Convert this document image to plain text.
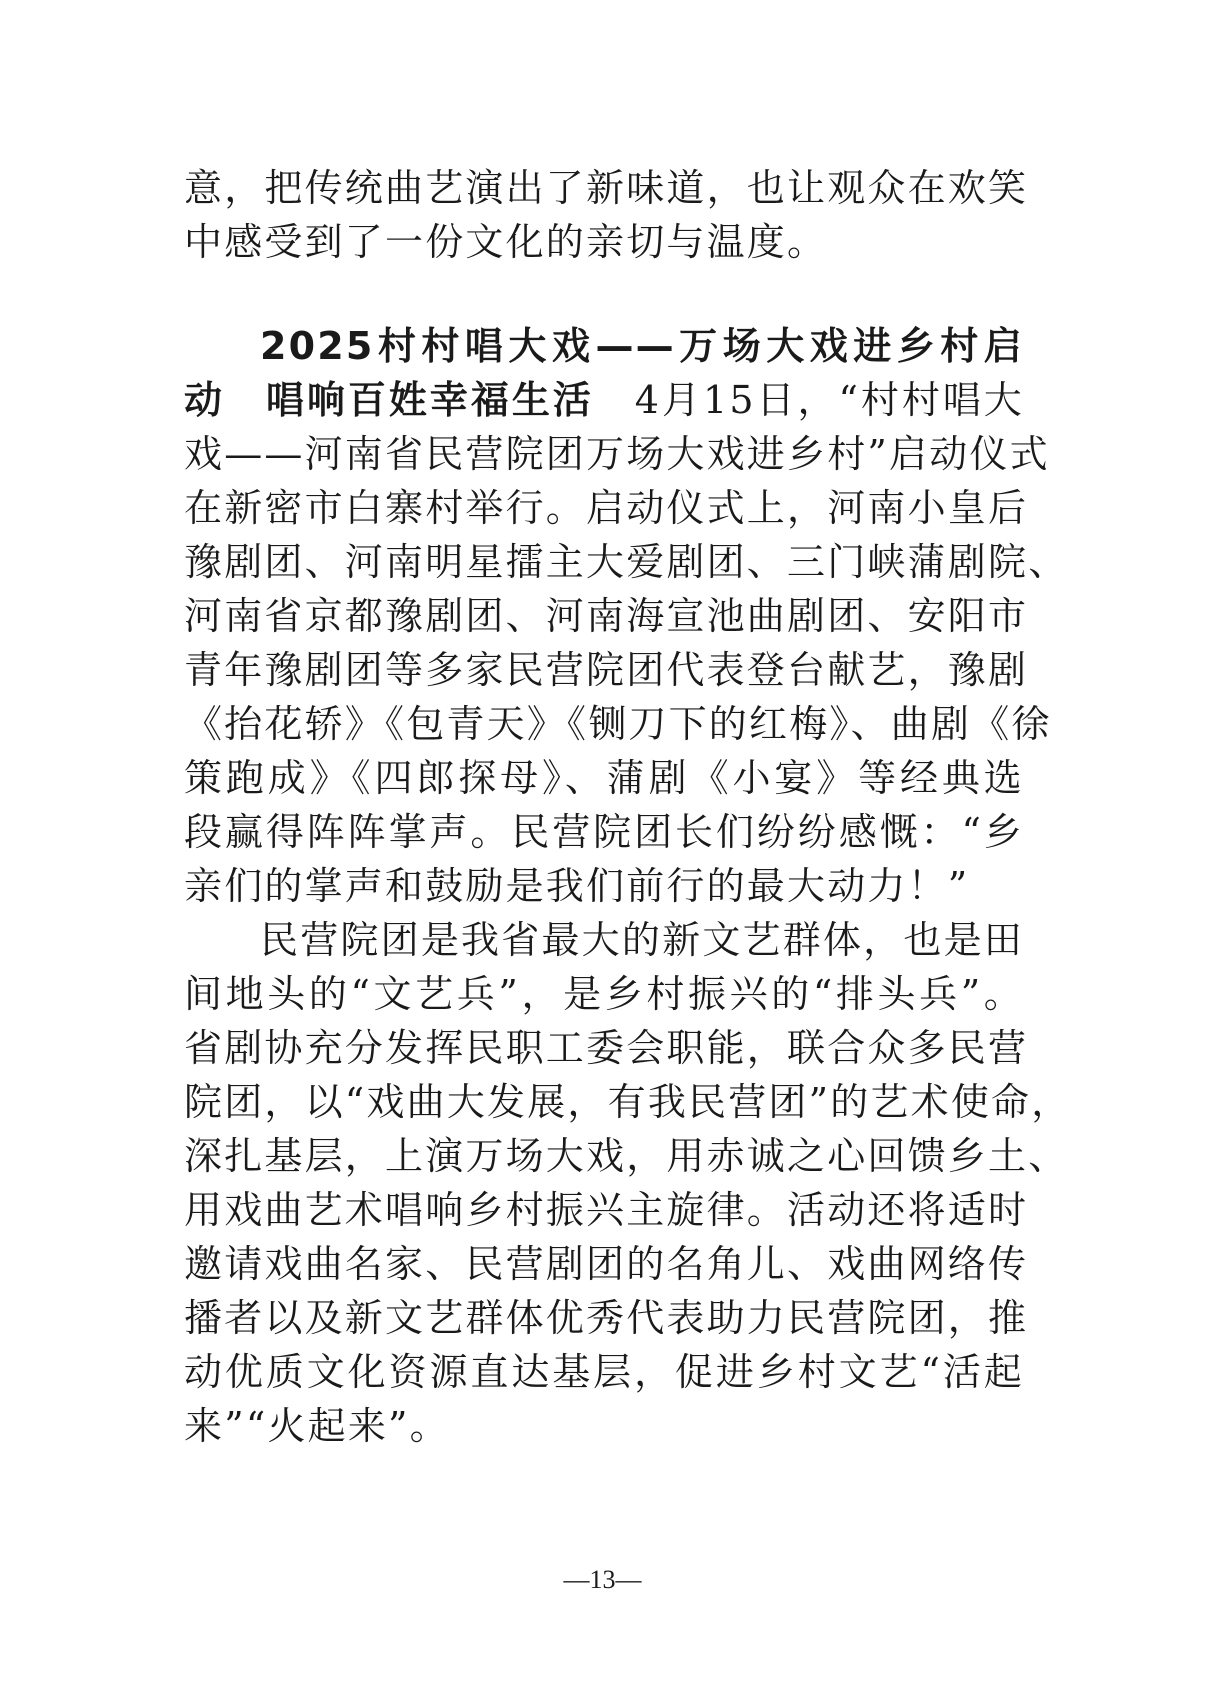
意，把传统曲艺演出了新味道，也让观众在欢笑
中感受到了一份文化的亲切与温度。
2025村村唱大戏——万场大戏进乡村启
动　唱响百姓幸福生活　4月15日，“村村唱大
戏——河南省民营院团万场大戏进乡村”启动仪式
在新密市白寨村举行。启动仪式上，河南小皇后
豫剧团、河南明星擂主大爱剧团、三门峡蒲剧院、
河南省京都豫剧团、河南海宣池曲剧团、安阳市
青年豫剧团等多家民营院团代表登台献艺，豫剧
《抬花轿》《包青天》《铡刀下的红梅》、曲剧《徐
策跑成》《四郎探母》、蒲剧《小宴》等经典选
段赢得阵阵掌声。民营院团长们纷纷感慨：“乡
亲们的掌声和鼓励是我们前行的最大动力！”
民营院团是我省最大的新文艺群体，也是田
间地头的“文艺兵”，是乡村振兴的“排头兵”。
省剧协充分发挥民职工委会职能，联合众多民营
院团，以“戏曲大发展，有我民营团”的艺术使命，
深扎基层，上演万场大戏，用赤诚之心回馈乡土、
用戏曲艺术唱响乡村振兴主旋律。活动还将适时
邀请戏曲名家、民营剧团的名角儿、戏曲网络传
播者以及新文艺群体优秀代表助力民营院团，推
动优质文化资源直达基层，促进乡村文艺“活起
来”“火起来”。
—13—
